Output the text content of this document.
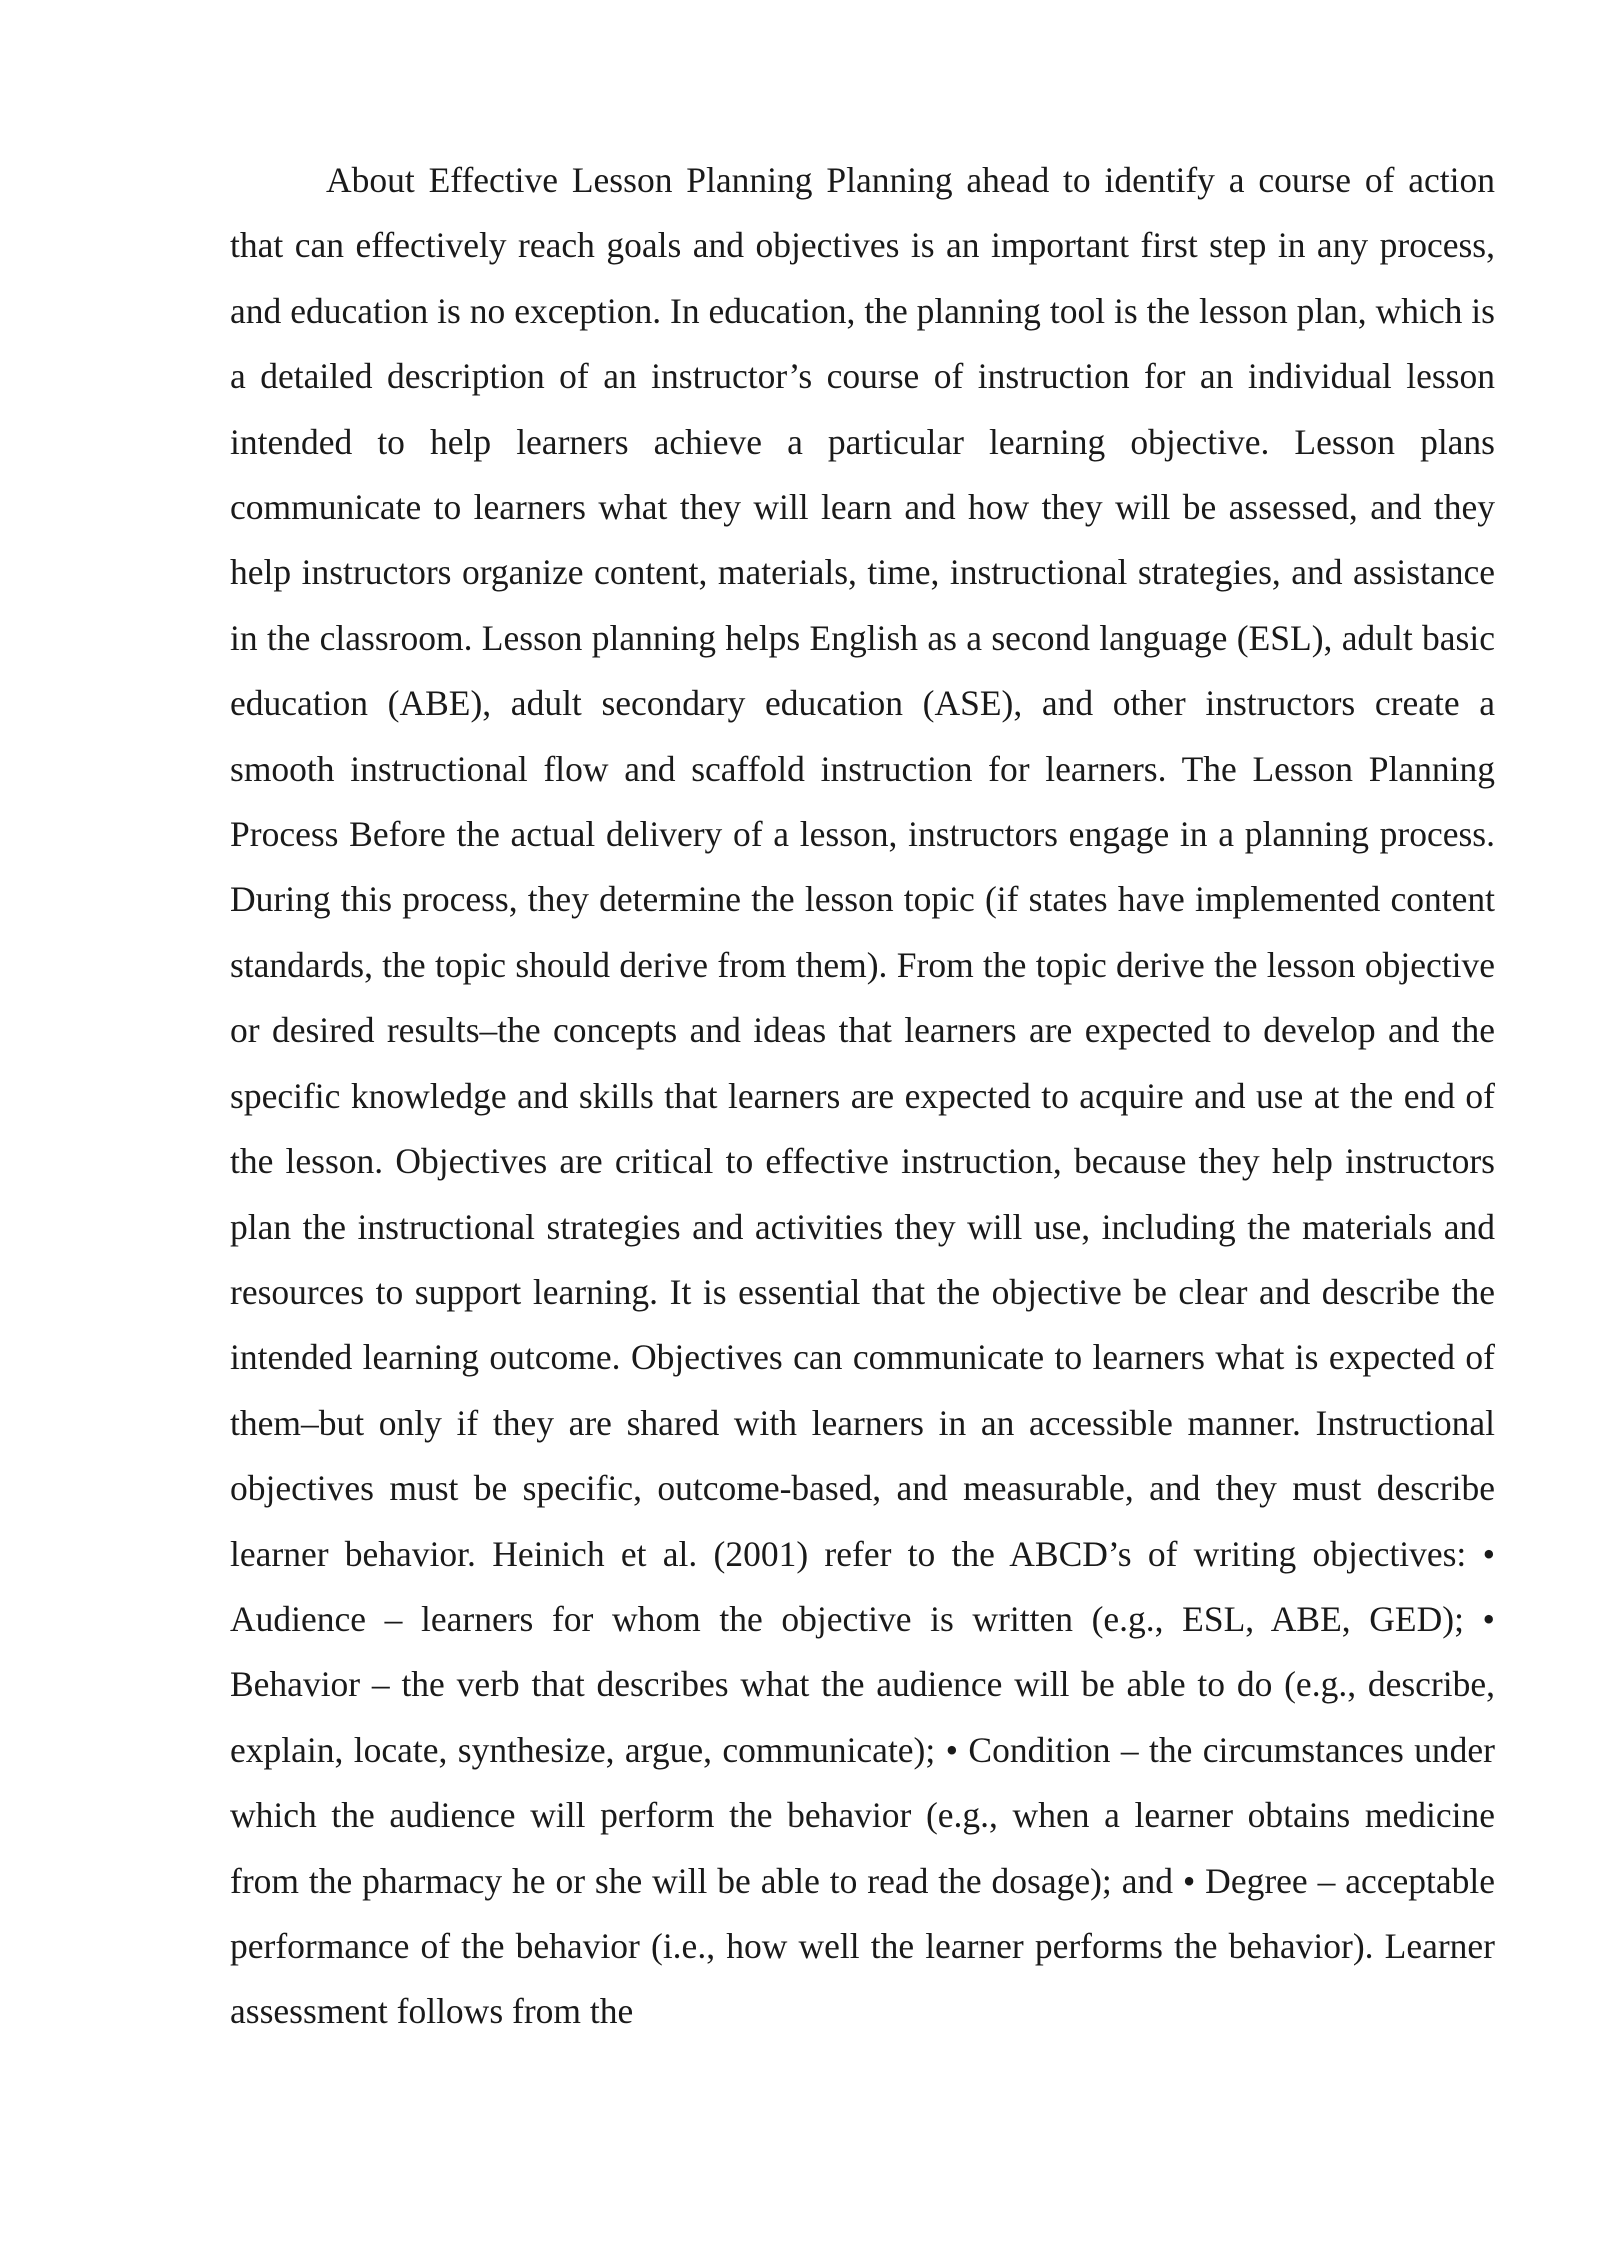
About Effective Lesson Planning Planning ahead to identify a course of action that can effectively reach goals and objectives is an important first step in any process, and education is no exception. In education, the planning tool is the lesson plan, which is a detailed description of an instructor’s course of instruction for an individual lesson intended to help learners achieve a particular learning objective. Lesson plans communicate to learners what they will learn and how they will be assessed, and they help instructors organize content, materials, time, instructional strategies, and assistance in the classroom. Lesson planning helps English as a second language (ESL), adult basic education (ABE), adult secondary education (ASE), and other instructors create a smooth instructional flow and scaffold instruction for learners. The Lesson Planning Process Before the actual delivery of a lesson, instructors engage in a planning process. During this process, they determine the lesson topic (if states have implemented content standards, the topic should derive from them). From the topic derive the lesson objective or desired results–the concepts and ideas that learners are expected to develop and the specific knowledge and skills that learners are expected to acquire and use at the end of the lesson. Objectives are critical to effective instruction, because they help instructors plan the instructional strategies and activities they will use, including the materials and resources to support learning. It is essential that the objective be clear and describe the intended learning outcome. Objectives can communicate to learners what is expected of them–but only if they are shared with learners in an accessible manner. Instructional objectives must be specific, outcome-based, and measurable, and they must describe learner behavior. Heinich et al. (2001) refer to the ABCD’s of writing objectives: • Audience – learners for whom the objective is written (e.g., ESL, ABE, GED); • Behavior – the verb that describes what the audience will be able to do (e.g., describe, explain, locate, synthesize, argue, communicate); • Condition – the circumstances under which the audience will perform the behavior (e.g., when a learner obtains medicine from the pharmacy he or she will be able to read the dosage); and • Degree – acceptable performance of the behavior (i.e., how well the learner performs the behavior). Learner assessment follows from the
